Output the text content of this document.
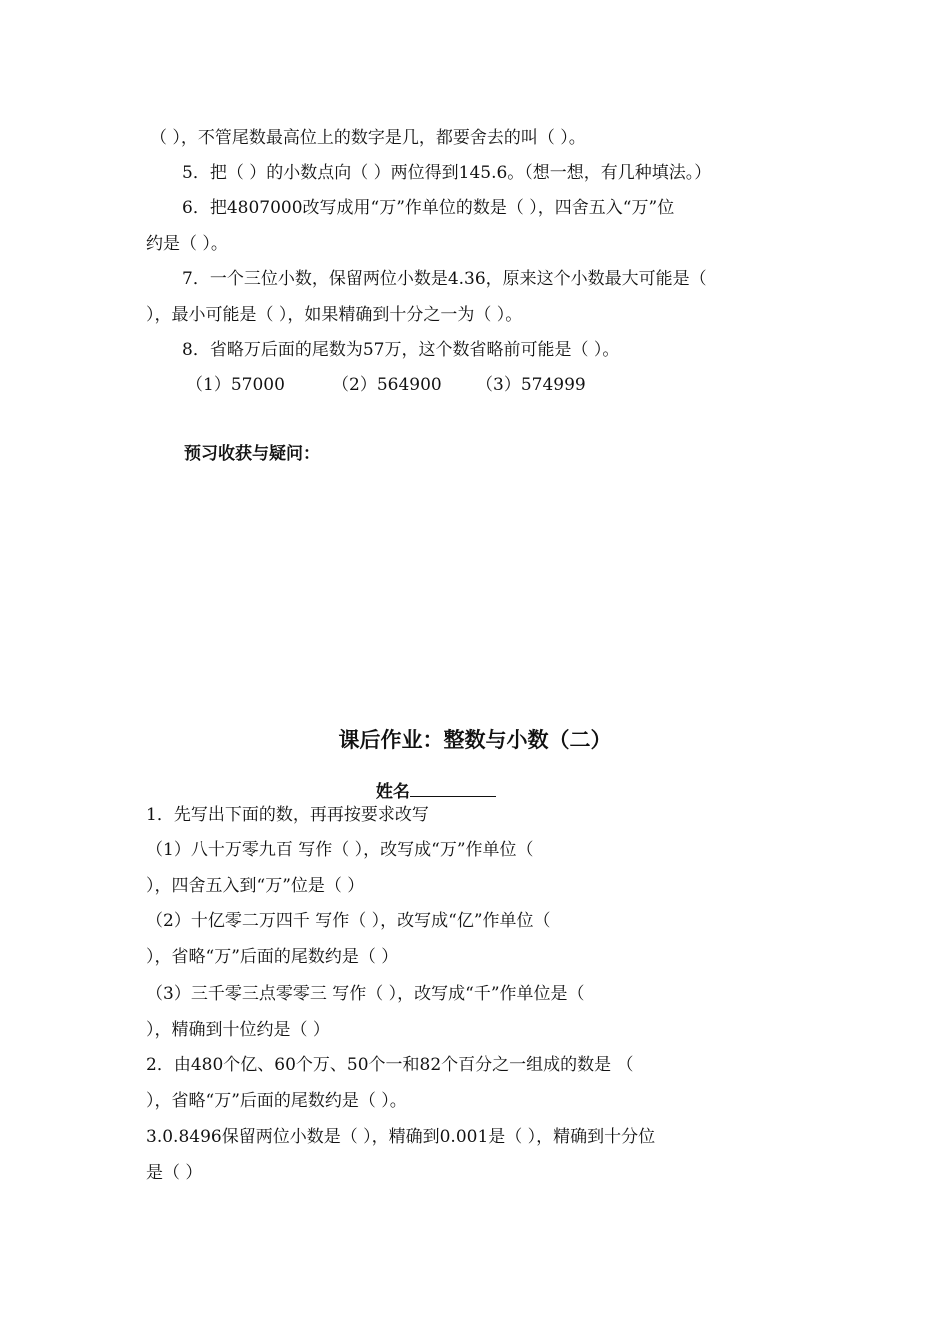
（ ），不管尾数最高位上的数字是几，都要舍去的叫（ ）。
5．把（ ）的小数点向（ ）两位得到145.6。（想一想，有几种填法。）
6．把4807000改写成用“万”作单位的数是（ ），四舍五入“万”位
约是（ ）。
7．一个三位小数，保留两位小数是4.36，原来这个小数最大可能是（
），最小可能是（ ），如果精确到十分之一为（ ）。
8．省略万后面的尾数为57万，这个数省略前可能是（ ）。
（1）57000	（2）564900 （3）574999
预习收获与疑问：
课后作业：整数与小数（二）

姓名

1．先写出下面的数，再再按要求改写
（1）八十万零九百 写作（ ），改写成“万”作单位（
），四舍五入到“万”位是（ ）
（2）十亿零二万四千 写作（ ），改写成“亿”作单位（
），省略“万”后面的尾数约是（ ）
（3）三千零三点零零三 写作（ ），改写成“千”作单位是（
），精确到十位约是（ ）
2．由480个亿、60个万、50个一和82个百分之一组成的数是 （
），省略“万”后面的尾数约是（ ）。
3.0.8496保留两位小数是（ ），精确到0.001是（ ），精确到十分位
是（ ）
